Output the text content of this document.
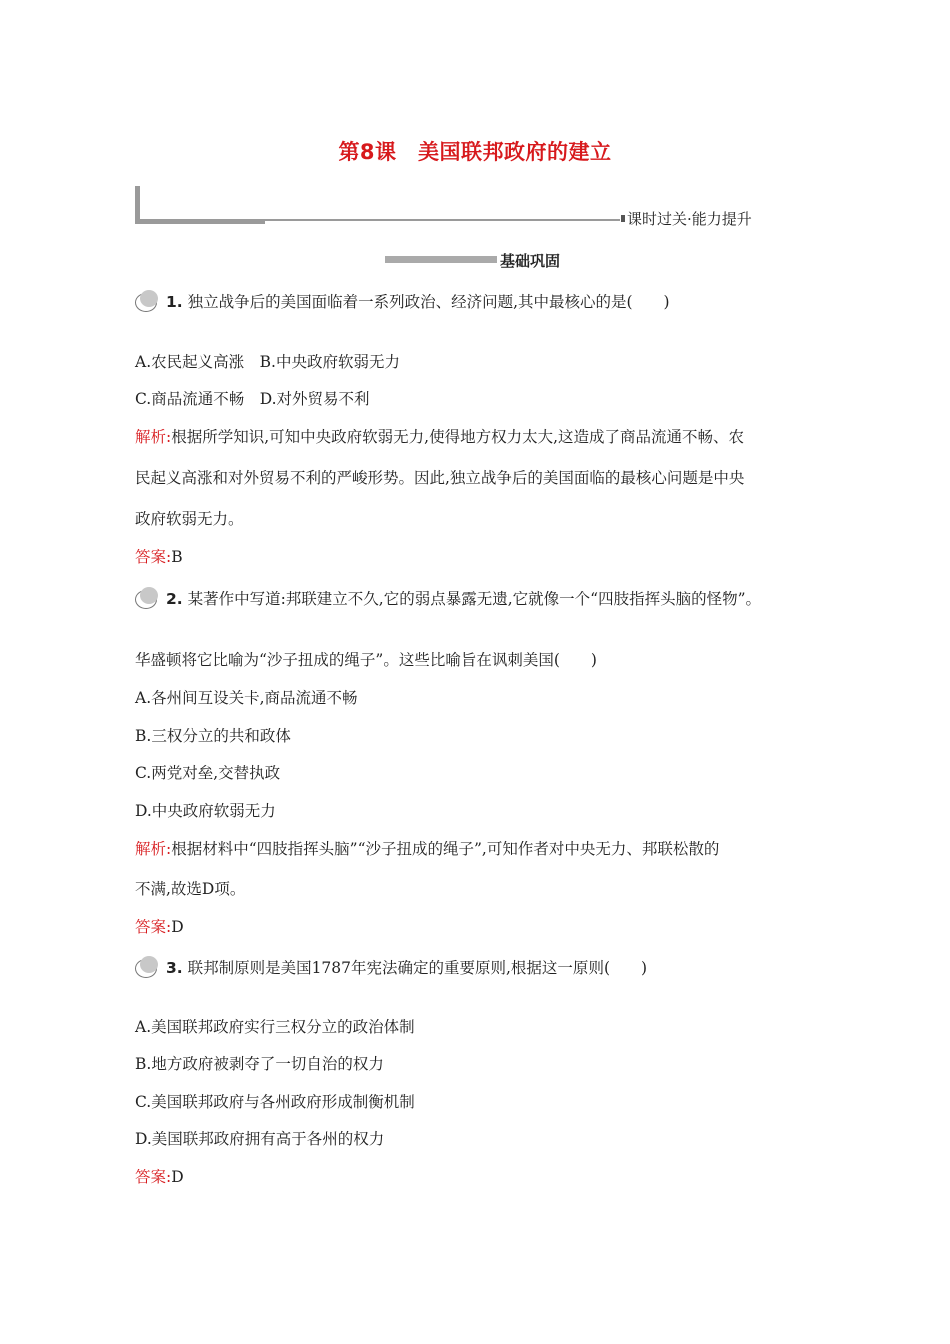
第8课　美国联邦政府的建立
课时过关·能力提升
基础巩固
1. 独立战争后的美国面临着一系列政治、经济问题,其中最核心的是(　　)
A.农民起义高涨　B.中央政府软弱无力
C.商品流通不畅　D.对外贸易不利
解析:根据所学知识,可知中央政府软弱无力,使得地方权力太大,这造成了商品流通不畅、农
民起义高涨和对外贸易不利的严峻形势。因此,独立战争后的美国面临的最核心问题是中央
政府软弱无力。
答案:B
2. 某著作中写道:邦联建立不久,它的弱点暴露无遗,它就像一个“四肢指挥头脑的怪物”。
华盛顿将它比喻为“沙子扭成的绳子”。这些比喻旨在讽刺美国(　　)
A.各州间互设关卡,商品流通不畅
B.三权分立的共和政体
C.两党对垒,交替执政
D.中央政府软弱无力
解析:根据材料中“四肢指挥头脑”“沙子扭成的绳子”,可知作者对中央无力、邦联松散的
不满,故选D项。
答案:D
3. 联邦制原则是美国1787年宪法确定的重要原则,根据这一原则(　　)
A.美国联邦政府实行三权分立的政治体制
B.地方政府被剥夺了一切自治的权力
C.美国联邦政府与各州政府形成制衡机制
D.美国联邦政府拥有高于各州的权力
答案:D
